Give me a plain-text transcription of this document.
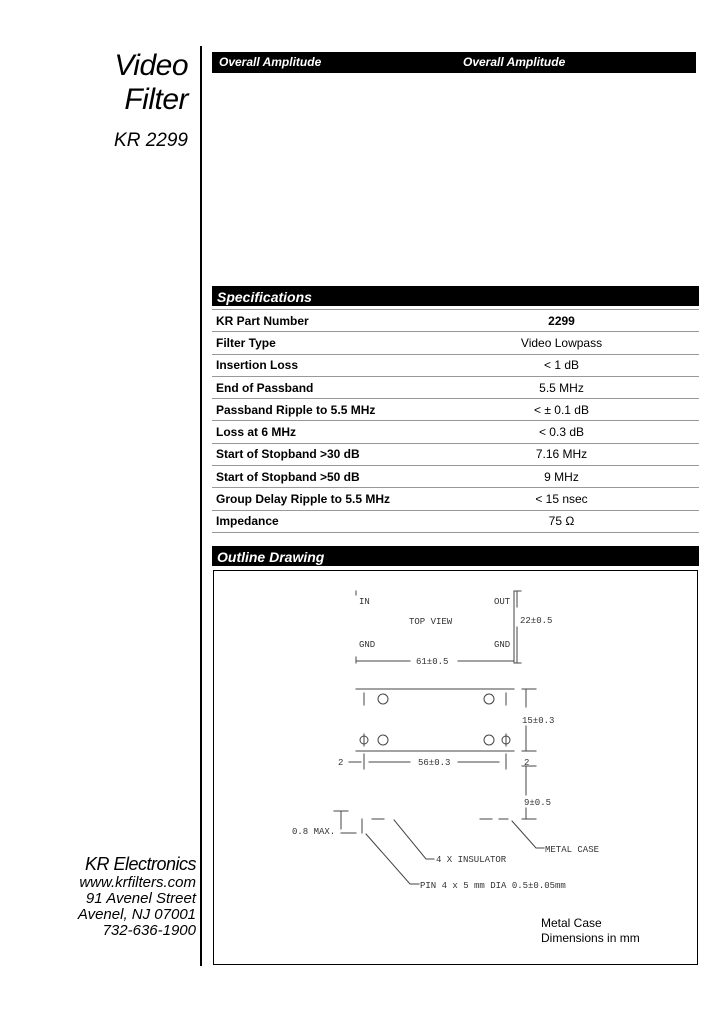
Video
Filter
KR 2299
Overall Amplitude	Overall Amplitude
Specifications
KR Part Number	2299
Filter Type	Video Lowpass
Insertion Loss	< 1 dB
End of Passband	5.5 MHz
Passband Ripple to 5.5 MHz	< ± 0.1 dB
Loss at 6 MHz	< 0.3 dB
Start of Stopband >30 dB	7.16 MHz
Start of Stopband >50 dB	9 MHz
Group Delay Ripple to 5.5 MHz	< 15 nsec
Impedance	75 Ω
Outline Drawing
IN	OUT
TOP VIEW
GND	GND
61±0.5
22±0.5
15±0.3
2	56±0.3	2
9±0.5
0.8 MAX.
4 X INSULATOR
METAL CASE
PIN 4 x 5 mm DIA 0.5±0.05mm
Metal Case
Dimensions in mm
KR Electronics
www.krfilters.com
91 Avenel Street
Avenel, NJ 07001
732-636-1900
